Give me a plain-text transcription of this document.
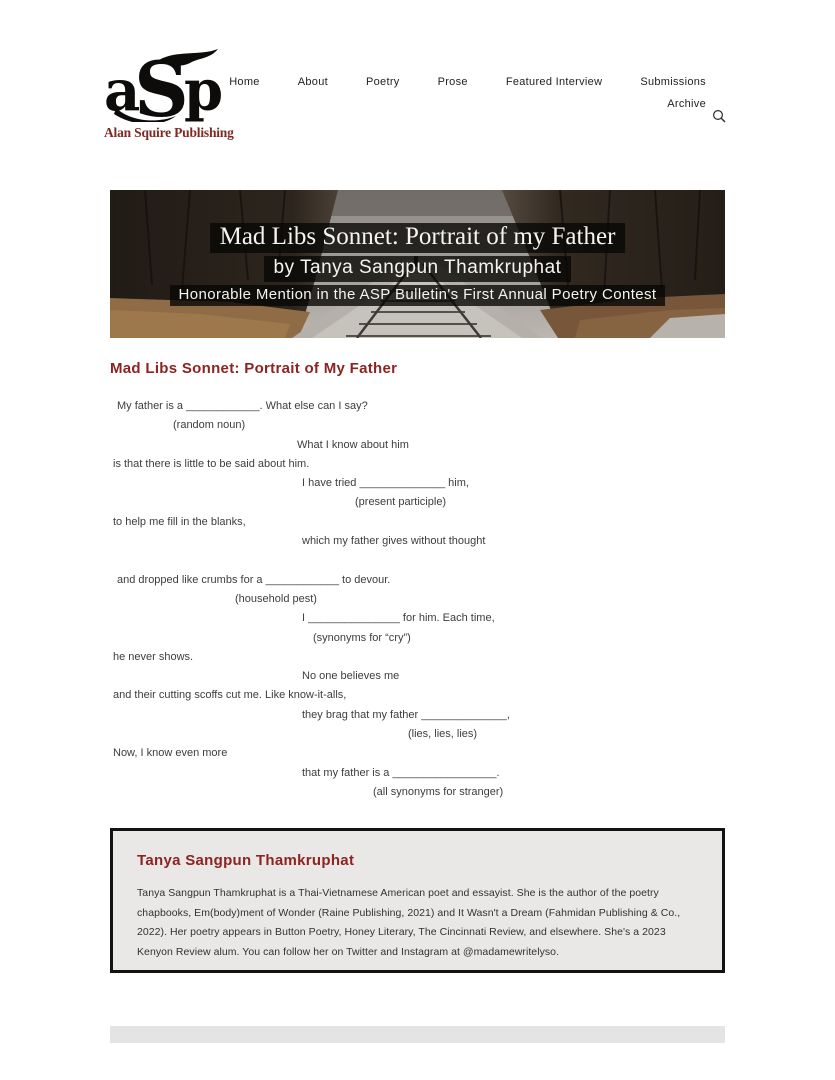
a
S
p
Alan Squire Publishing
Home	About	Poetry	Prose	Featured Interview	Submissions
Archive
Mad Libs Sonnet: Portrait of my Father
by Tanya Sangpun Thamkruphat
Honorable Mention in the ASP Bulletin's First Annual Poetry Contest
Mad Libs Sonnet: Portrait of My Father
My father is a ____________. What else can I say?
(random noun)
What I know about him
is that there is little to be said about him.
I have tried ______________ him,
(present participle)
to help me fill in the blanks,
which my father gives without thought
and dropped like crumbs for a ____________ to devour.
(household pest)
I _______________ for him. Each time,
(synonyms for “cry”)
he never shows.
No one believes me
and their cutting scoffs cut me. Like know-it-alls,
they brag that my father ______________,
(lies, lies, lies)
Now, I know even more
that my father is a _________________.
(all synonyms for stranger)
Tanya Sangpun Thamkruphat

Tanya Sangpun Thamkruphat is a Thai-Vietnamese American poet and essayist. She is the author of the poetry chapbooks, Em(body)ment of Wonder (Raine Publishing, 2021) and It Wasn't a Dream (Fahmidan Publishing & Co., 2022). Her poetry appears in Button Poetry, Honey Literary, The Cincinnati Review, and elsewhere. She's a 2023 Kenyon Review alum. You can follow her on Twitter and Instagram at @madamewritelyso.
